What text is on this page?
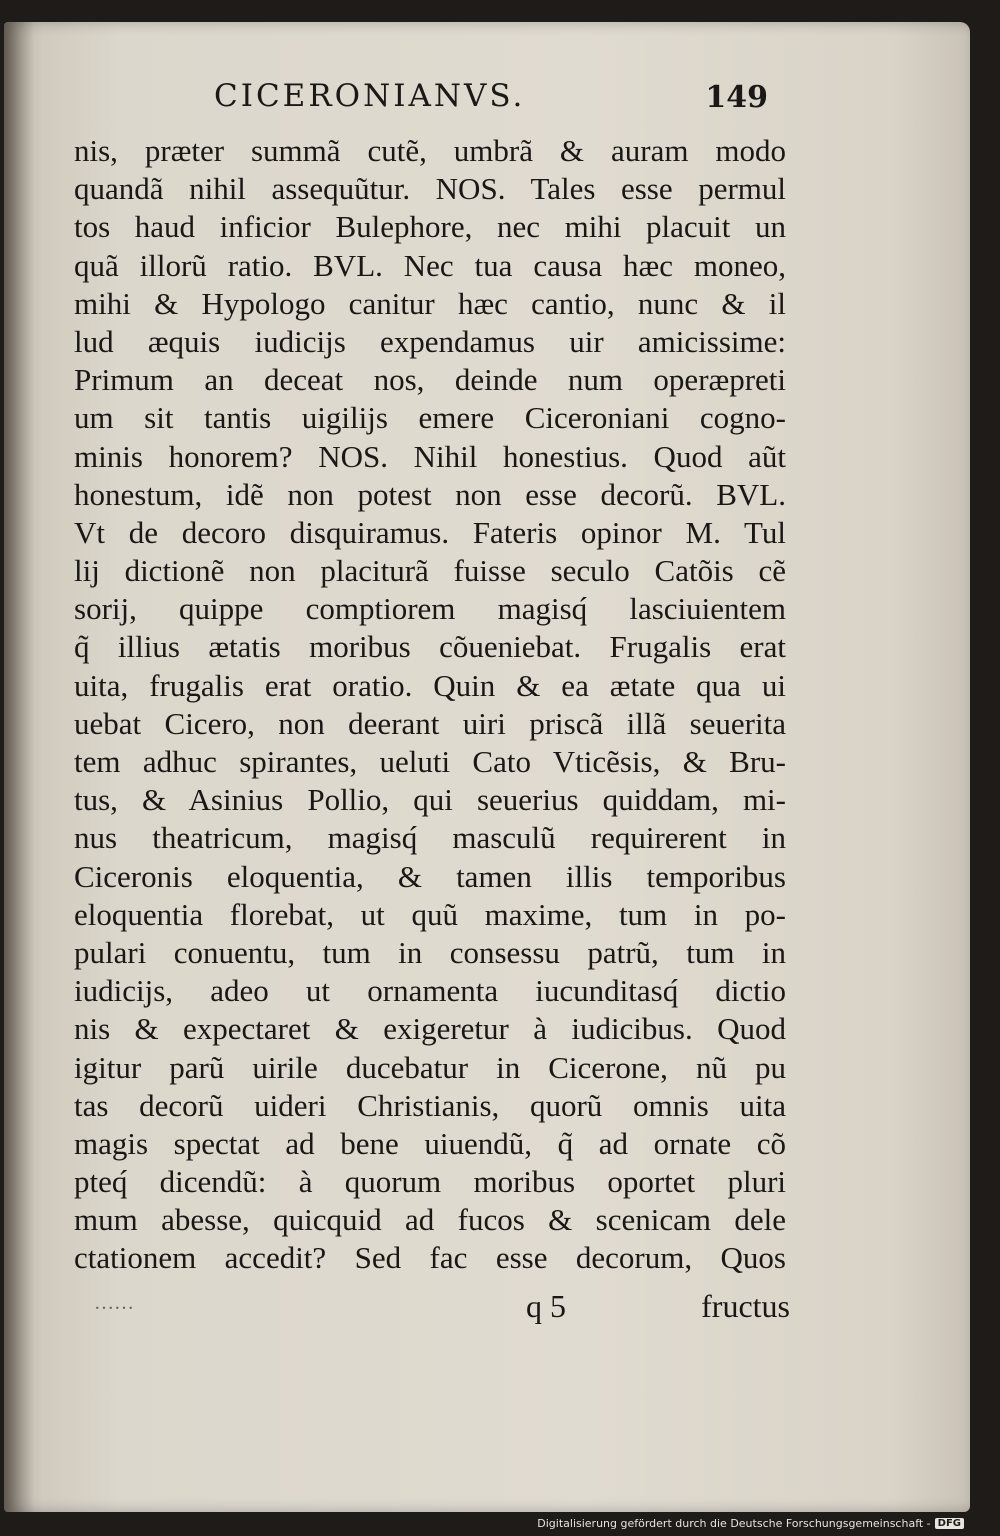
CICERONIANVS.	149
nis, præter summã cutẽ, umbrã & auram modo
quandã nihil assequũtur. NOS. Tales esse permul
tos haud inficior Bulephore, nec mihi placuit un
quã illorũ ratio. BVL. Nec tua causa hæc moneo,
mihi & Hypologo canitur hæc cantio, nunc & il
lud æquis iudicijs expendamus uir amicissime:
Primum an deceat nos, deinde num operæpreti
um sit tantis uigilijs emere Ciceroniani cogno-
minis honorem? NOS. Nihil honestius. Quod aũt
honestum, idẽ non potest non esse decorũ. BVL.
Vt de decoro disquiramus. Fateris opinor M. Tul
lij dictionẽ non placiturã fuisse seculo Catõis cẽ
sorij, quippe comptiorem magisq́ lasciuientem
q̃ illius ætatis moribus cõueniebat. Frugalis erat
uita, frugalis erat oratio. Quin & ea ætate qua ui
uebat Cicero, non deerant uiri priscã illã seuerita
tem adhuc spirantes, ueluti Cato Vticẽsis, & Bru-
tus, & Asinius Pollio, qui seuerius quiddam, mi-
nus theatricum, magisq́ masculũ requirerent in
Ciceronis eloquentia, & tamen illis temporibus
eloquentia florebat, ut quũ maxime, tum in po-
pulari conuentu, tum in consessu patrũ, tum in
iudicijs, adeo ut ornamenta iucunditasq́ dictio
nis & expectaret & exigeretur à iudicibus. Quod
igitur parũ uirile ducebatur in Cicerone, nũ pu
tas decorũ uideri Christianis, quorũ omnis uita
magis spectat ad bene uiuendũ, q̃ ad ornate cõ
pteq́ dicendũ: à quorum moribus oportet pluri
mum abesse, quicquid ad fucos & scenicam dele
ctationem accedit? Sed fac esse decorum, Quos
……	q 5	fructus
Digitalisierung gefördert durch die Deutsche Forschungsgemeinschaft - DFG
